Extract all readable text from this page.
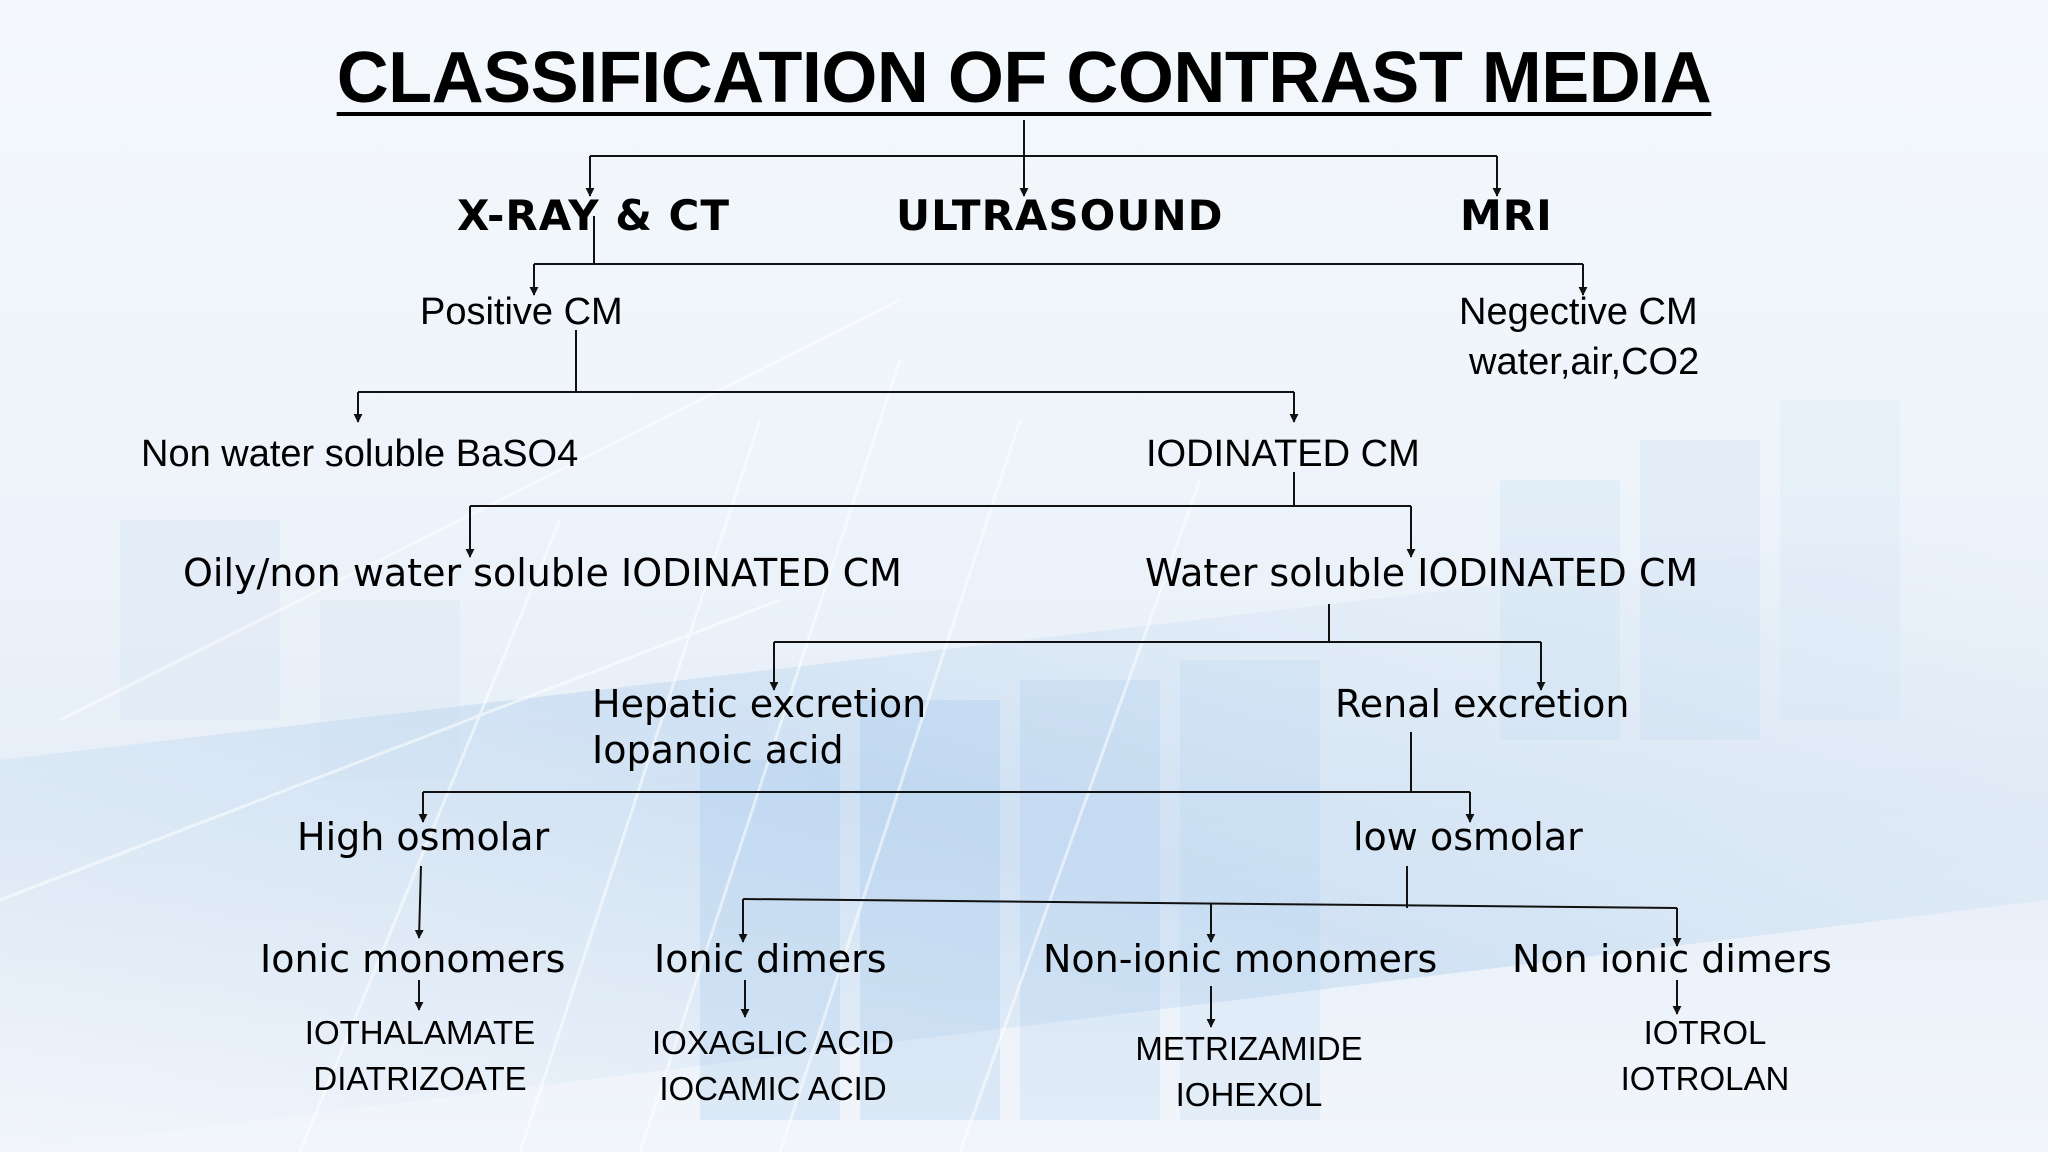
CLASSIFICATION OF CONTRAST MEDIA
X-RAY & CT	ULTRASOUND	MRI
Positive CM	Negective CM
water,air,CO2
Non water soluble BaSO4	IODINATED CM
Oily/non water soluble IODINATED CM	Water soluble IODINATED CM
Hepatic excretion
Iopanoic acid
Renal excretion
High osmolar	low osmolar
Ionic monomers Ionic dimers	Non-ionic monomers Non ionic dimers
IOTHALAMATE
DIATRIZOATE
IOXAGLIC ACID
IOCAMIC ACID
METRIZAMIDE
IOHEXOL
IOTROL
IOTROLAN
